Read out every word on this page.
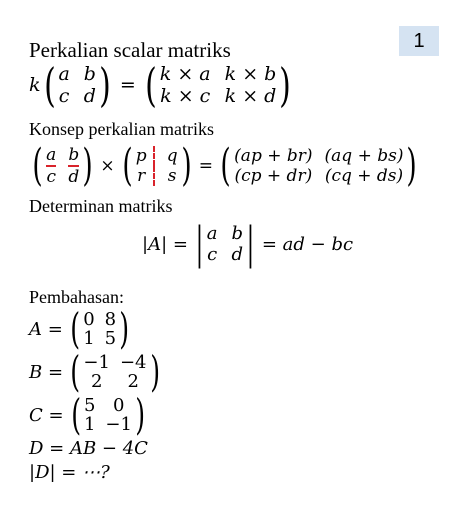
1
Perkalian scalar matriks
k ( a b
c d ) = ( k × a k × b
k × c k × d )
Konsep perkalian matriks
( a b
c d ) × ( p	q
r	s ) = ( (ap + br) (aq + bs)
(cp + dr) (cq + ds) )
Determinan matriks
|A| = | a b
c d | = ad − bc
Pembahasan:
A = ( 0 8
1 5 )
B = ( −1 −4
2	2 )
C = ( 5 0
1 −1 )
D = AB − 4C
|D| = ⋯?
